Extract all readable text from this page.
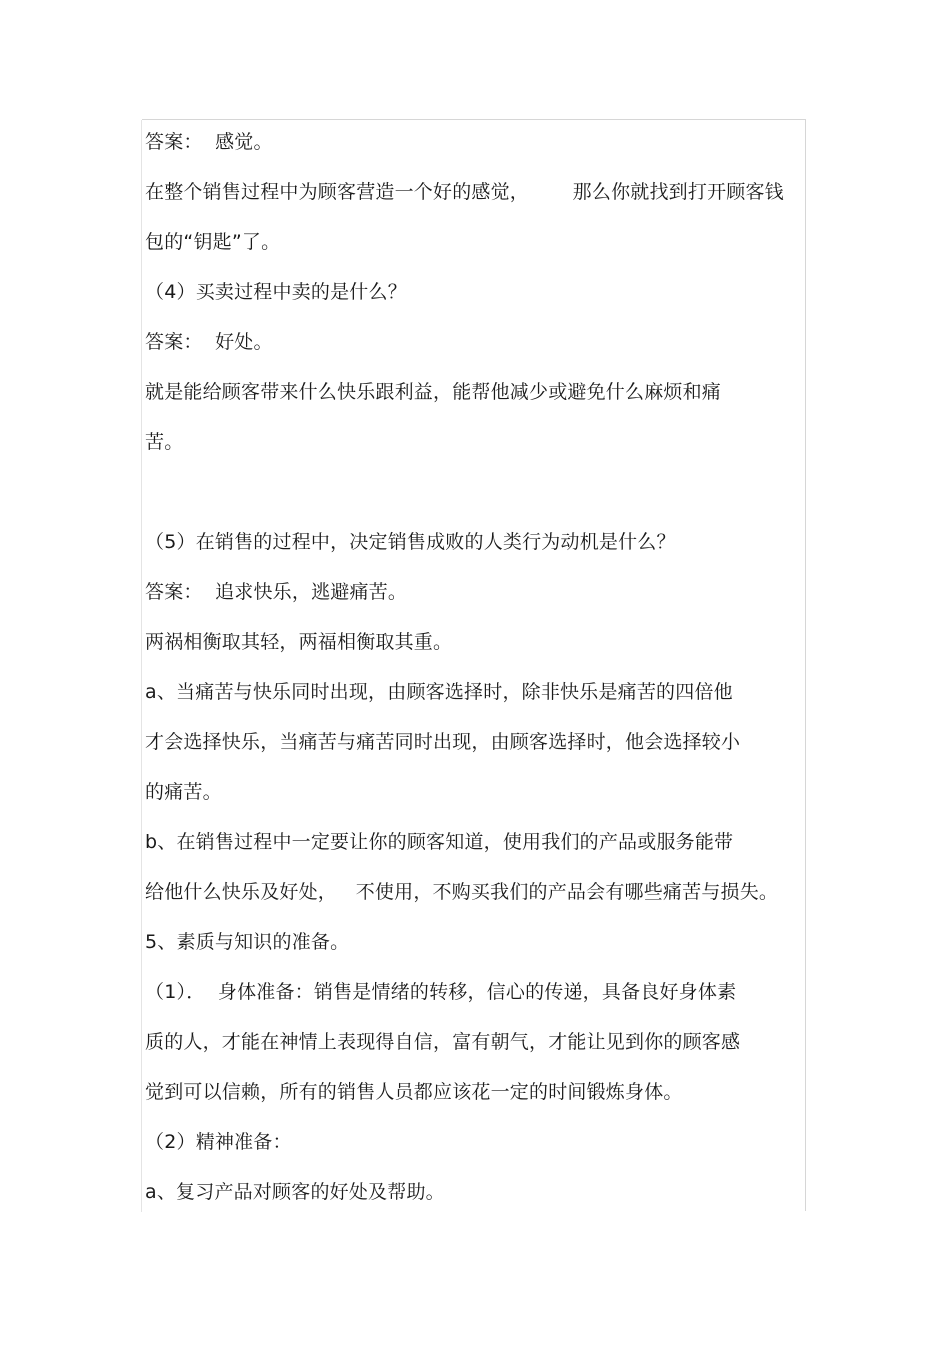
答案：  感觉。
在整个销售过程中为顾客营造一个好的感觉，       那么你就找到打开顾客钱
包的“钥匙”了。
（4）买卖过程中卖的是什么？
答案：  好处。
就是能给顾客带来什么快乐跟利益，能帮他减少或避免什么麻烦和痛
苦。
（5）在销售的过程中，决定销售成败的人类行为动机是什么？
答案：  追求快乐，逃避痛苦。
两祸相衡取其轻，两福相衡取其重。
a、当痛苦与快乐同时出现，由顾客选择时，除非快乐是痛苦的四倍他
才会选择快乐，当痛苦与痛苦同时出现，由顾客选择时，他会选择较小
的痛苦。
b、在销售过程中一定要让你的顾客知道，使用我们的产品或服务能带
给他什么快乐及好处，   不使用，不购买我们的产品会有哪些痛苦与损失。
5、素质与知识的准备。
（1）．  身体准备：销售是情绪的转移，信心的传递，具备良好身体素
质的人，才能在神情上表现得自信，富有朝气，才能让见到你的顾客感
觉到可以信赖，所有的销售人员都应该花一定的时间锻炼身体。
（2）精神准备：
a、复习产品对顾客的好处及帮助。
